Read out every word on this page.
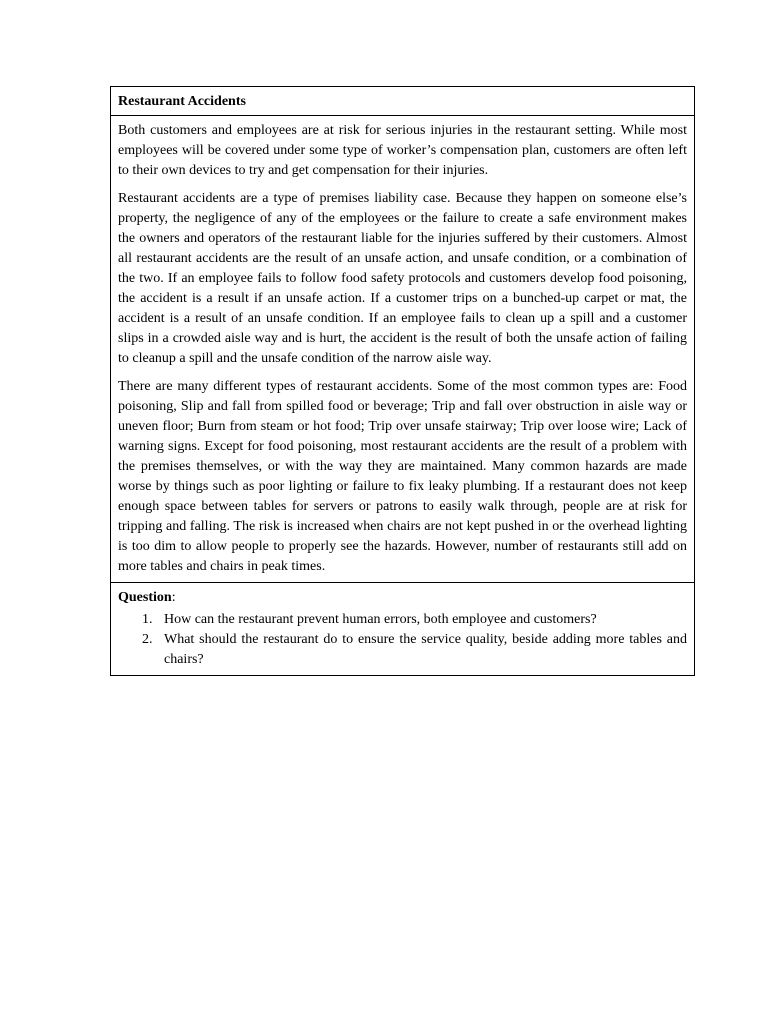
Restaurant Accidents

Both customers and employees are at risk for serious injuries in the restaurant setting. While most employees will be covered under some type of worker’s compensation plan, customers are often left to their own devices to try and get compensation for their injuries.

Restaurant accidents are a type of premises liability case. Because they happen on someone else’s property, the negligence of any of the employees or the failure to create a safe environment makes the owners and operators of the restaurant liable for the injuries suffered by their customers. Almost all restaurant accidents are the result of an unsafe action, and unsafe condition, or a combination of the two. If an employee fails to follow food safety protocols and customers develop food poisoning, the accident is a result if an unsafe action. If a customer trips on a bunched-up carpet or mat, the accident is a result of an unsafe condition. If an employee fails to clean up a spill and a customer slips in a crowded aisle way and is hurt, the accident is the result of both the unsafe action of failing to cleanup a spill and the unsafe condition of the narrow aisle way.

There are many different types of restaurant accidents. Some of the most common types are: Food poisoning, Slip and fall from spilled food or beverage; Trip and fall over obstruction in aisle way or uneven floor; Burn from steam or hot food; Trip over unsafe stairway; Trip over loose wire; Lack of warning signs. Except for food poisoning, most restaurant accidents are the result of a problem with the premises themselves, or with the way they are maintained. Many common hazards are made worse by things such as poor lighting or failure to fix leaky plumbing. If a restaurant does not keep enough space between tables for servers or patrons to easily walk through, people are at risk for tripping and falling. The risk is increased when chairs are not kept pushed in or the overhead lighting is too dim to allow people to properly see the hazards. However, number of restaurants still add on more tables and chairs in peak times.

Question:

1. How can the restaurant prevent human errors, both employee and customers?
2. What should the restaurant do to ensure the service quality, beside adding more tables and chairs?
